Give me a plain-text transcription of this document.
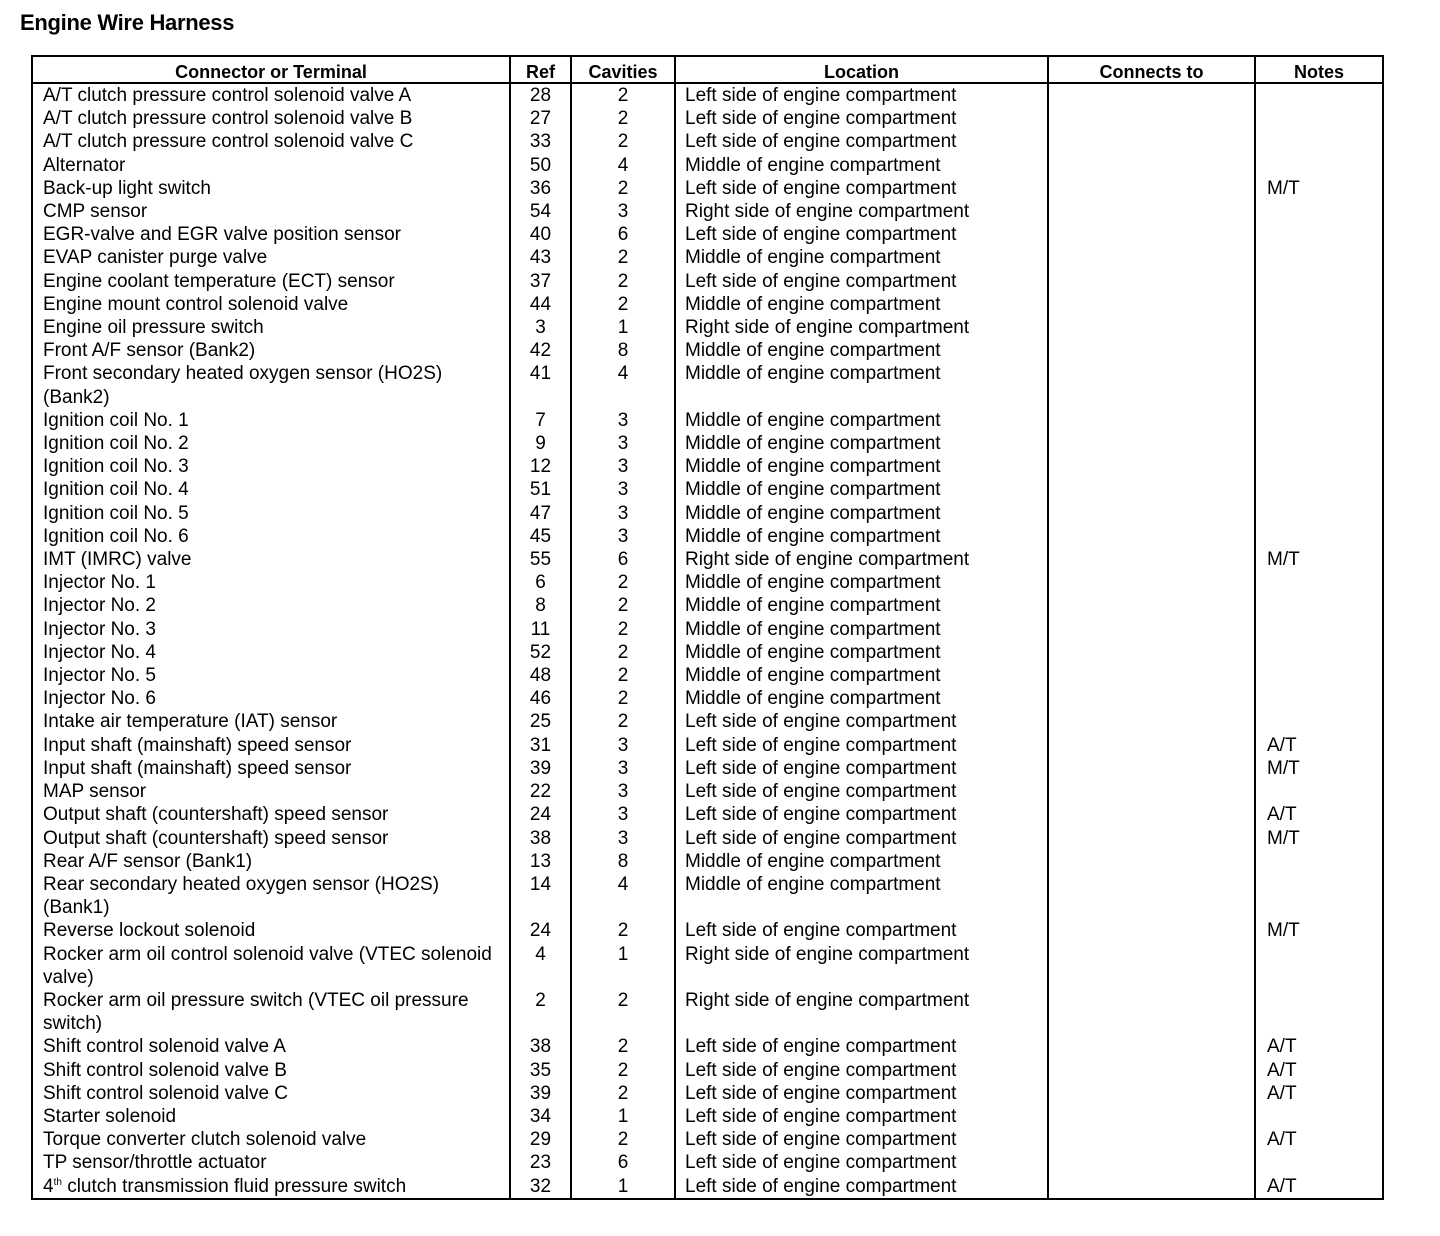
Engine Wire Harness
Connector or Terminal	Ref	Cavities	Location	Connects to	Notes
A/T clutch pressure control solenoid valve A	28	2	Left side of engine compartment		
A/T clutch pressure control solenoid valve B	27	2	Left side of engine compartment		
A/T clutch pressure control solenoid valve C	33	2	Left side of engine compartment		
Alternator	50	4	Middle of engine compartment		
Back-up light switch	36	2	Left side of engine compartment		M/T
CMP sensor	54	3	Right side of engine compartment		
EGR-valve and EGR valve position sensor	40	6	Left side of engine compartment		
EVAP canister purge valve	43	2	Middle of engine compartment		
Engine coolant temperature (ECT) sensor	37	2	Left side of engine compartment		
Engine mount control solenoid valve	44	2	Middle of engine compartment		
Engine oil pressure switch	3	1	Right side of engine compartment		
Front A/F sensor (Bank2)	42	8	Middle of engine compartment		
Front secondary heated oxygen sensor (HO2S) (Bank2)	41	4	Middle of engine compartment		
Ignition coil No. 1	7	3	Middle of engine compartment		
Ignition coil No. 2	9	3	Middle of engine compartment		
Ignition coil No. 3	12	3	Middle of engine compartment		
Ignition coil No. 4	51	3	Middle of engine compartment		
Ignition coil No. 5	47	3	Middle of engine compartment		
Ignition coil No. 6	45	3	Middle of engine compartment		
IMT (IMRC) valve	55	6	Right side of engine compartment		M/T
Injector No. 1	6	2	Middle of engine compartment		
Injector No. 2	8	2	Middle of engine compartment		
Injector No. 3	11	2	Middle of engine compartment		
Injector No. 4	52	2	Middle of engine compartment		
Injector No. 5	48	2	Middle of engine compartment		
Injector No. 6	46	2	Middle of engine compartment		
Intake air temperature (IAT) sensor	25	2	Left side of engine compartment		
Input shaft (mainshaft) speed sensor	31	3	Left side of engine compartment		A/T
Input shaft (mainshaft) speed sensor	39	3	Left side of engine compartment		M/T
MAP sensor	22	3	Left side of engine compartment		
Output shaft (countershaft) speed sensor	24	3	Left side of engine compartment		A/T
Output shaft (countershaft) speed sensor	38	3	Left side of engine compartment		M/T
Rear A/F sensor (Bank1)	13	8	Middle of engine compartment		
Rear secondary heated oxygen sensor (HO2S) (Bank1)	14	4	Middle of engine compartment		
Reverse lockout solenoid	24	2	Left side of engine compartment		M/T
Rocker arm oil control solenoid valve (VTEC solenoid valve)	4	1	Right side of engine compartment		
Rocker arm oil pressure switch (VTEC oil pressure switch)	2	2	Right side of engine compartment		
Shift control solenoid valve A	38	2	Left side of engine compartment		A/T
Shift control solenoid valve B	35	2	Left side of engine compartment		A/T
Shift control solenoid valve C	39	2	Left side of engine compartment		A/T
Starter solenoid	34	1	Left side of engine compartment		
Torque converter clutch solenoid valve	29	2	Left side of engine compartment		A/T
TP sensor/throttle actuator	23	6	Left side of engine compartment		
4th clutch transmission fluid pressure switch	32	1	Left side of engine compartment		A/T
